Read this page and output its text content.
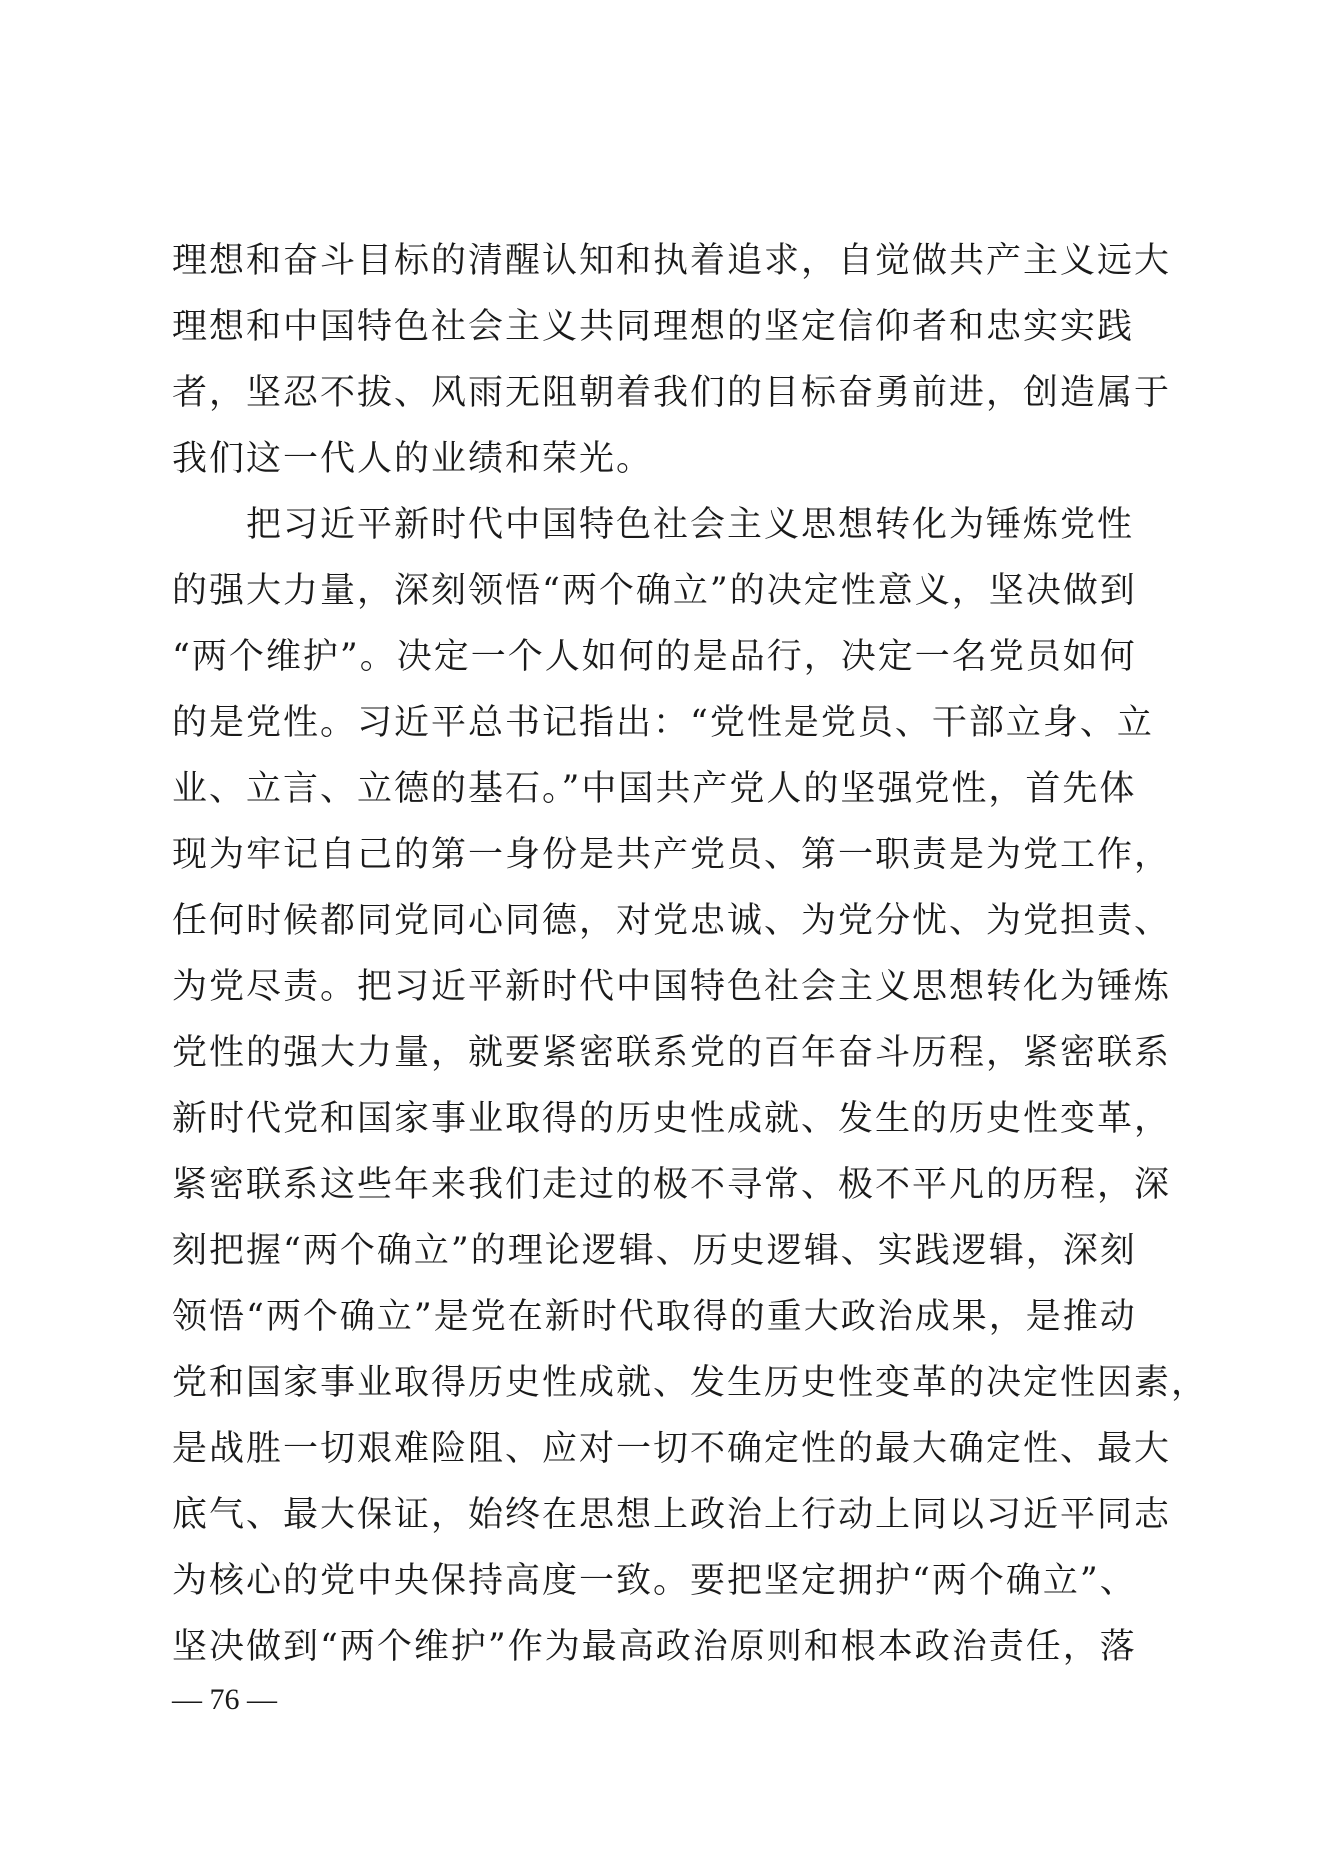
理想和奋斗目标的清醒认知和执着追求，自觉做共产主义远大
理想和中国特色社会主义共同理想的坚定信仰者和忠实实践
者，坚忍不拔、风雨无阻朝着我们的目标奋勇前进，创造属于
我们这一代人的业绩和荣光。
把习近平新时代中国特色社会主义思想转化为锤炼党性
的强大力量，深刻领悟“两个确立”的决定性意义，坚决做到
“两个维护”。决定一个人如何的是品行，决定一名党员如何
的是党性。习近平总书记指出：“党性是党员、干部立身、立
业、立言、立德的基石。”中国共产党人的坚强党性，首先体
现为牢记自己的第一身份是共产党员、第一职责是为党工作，
任何时候都同党同心同德，对党忠诚、为党分忧、为党担责、
为党尽责。把习近平新时代中国特色社会主义思想转化为锤炼
党性的强大力量，就要紧密联系党的百年奋斗历程，紧密联系
新时代党和国家事业取得的历史性成就、发生的历史性变革，
紧密联系这些年来我们走过的极不寻常、极不平凡的历程，深
刻把握“两个确立”的理论逻辑、历史逻辑、实践逻辑，深刻
领悟“两个确立”是党在新时代取得的重大政治成果，是推动
党和国家事业取得历史性成就、发生历史性变革的决定性因素，
是战胜一切艰难险阻、应对一切不确定性的最大确定性、最大
底气、最大保证，始终在思想上政治上行动上同以习近平同志
为核心的党中央保持高度一致。要把坚定拥护“两个确立”、
坚决做到“两个维护”作为最高政治原则和根本政治责任，落
— 76 —
